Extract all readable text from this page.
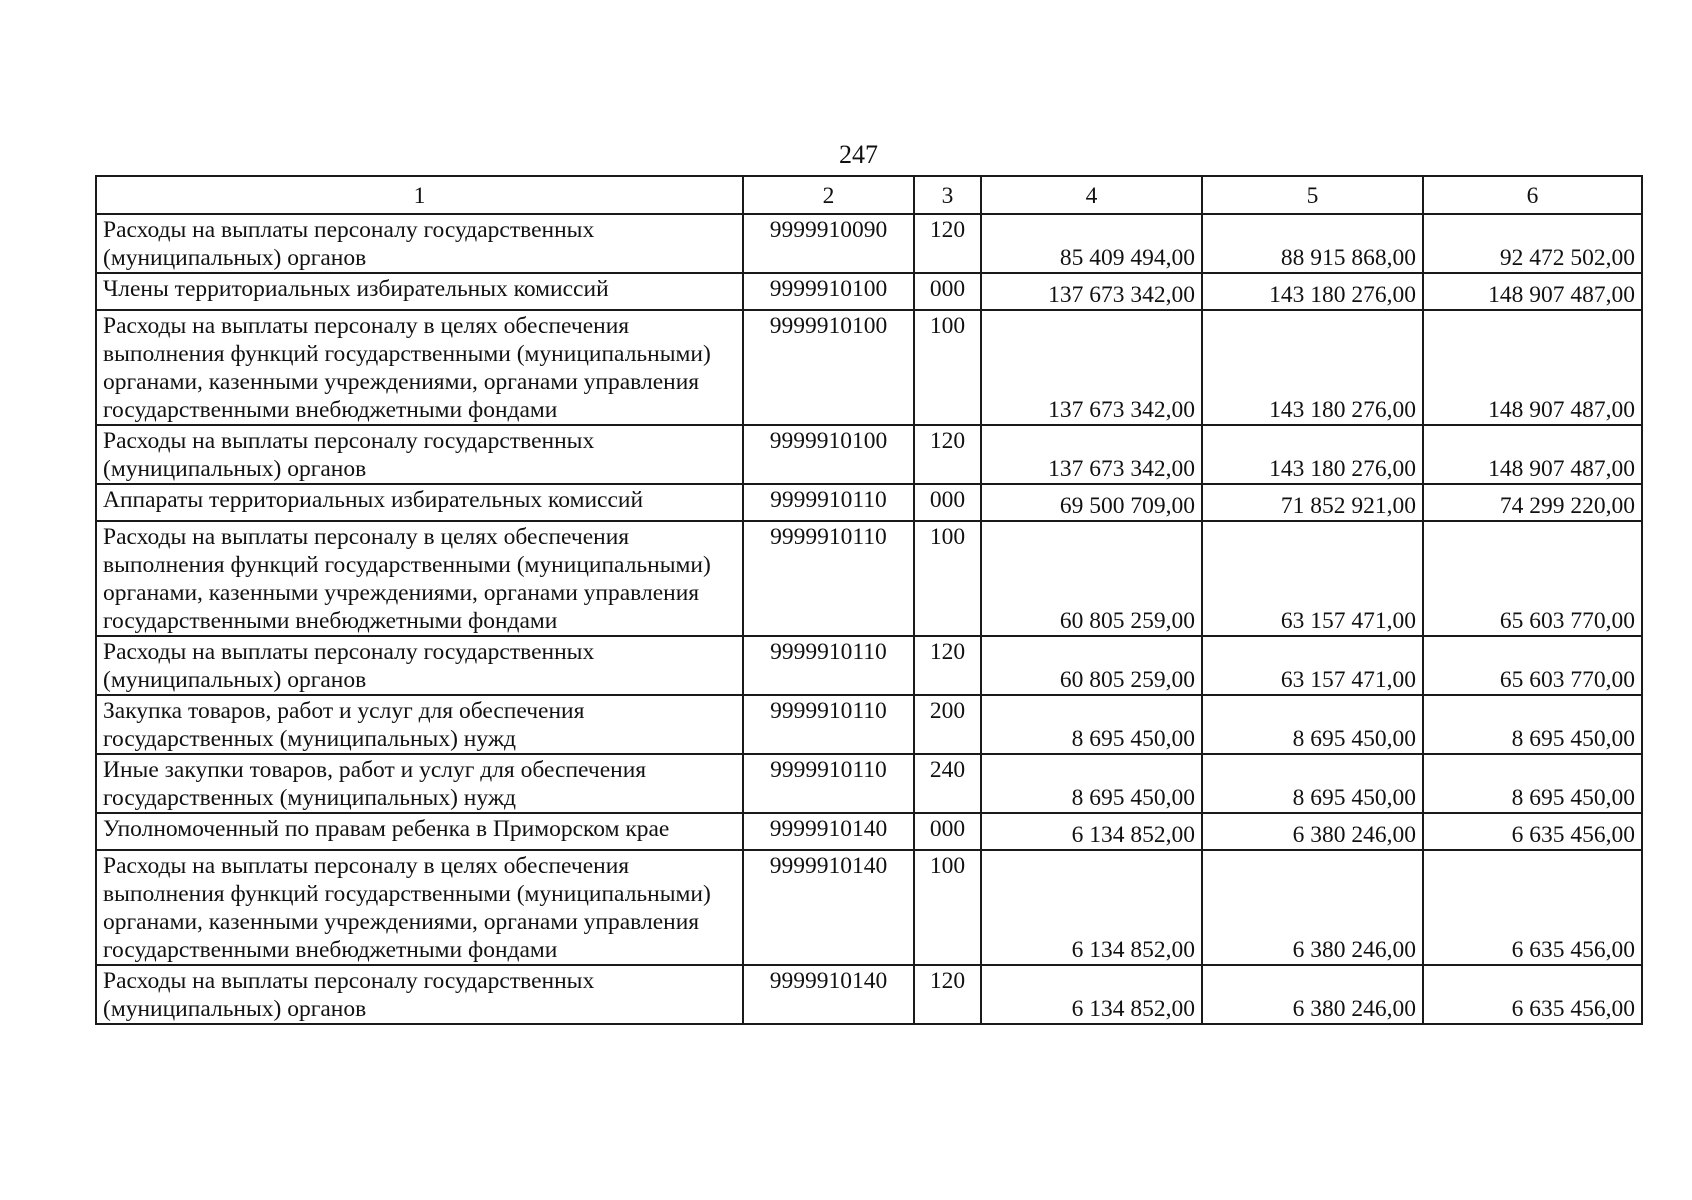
247
1	2	3	4	5	6
Расходы на выплаты персоналу государственных (муниципальных) органов	9999910090	120	85 409 494,00	88 915 868,00	92 472 502,00
Члены территориальных избирательных комиссий	9999910100	000	137 673 342,00	143 180 276,00	148 907 487,00
Расходы на выплаты персоналу в целях обеспечения выполнения функций государственными (муниципальными) органами, казенными учреждениями, органами управления государственными внебюджетными фондами	9999910100	100	137 673 342,00	143 180 276,00	148 907 487,00
Расходы на выплаты персоналу государственных (муниципальных) органов	9999910100	120	137 673 342,00	143 180 276,00	148 907 487,00
Аппараты территориальных избирательных комиссий	9999910110	000	69 500 709,00	71 852 921,00	74 299 220,00
Расходы на выплаты персоналу в целях обеспечения выполнения функций государственными (муниципальными) органами, казенными учреждениями, органами управления государственными внебюджетными фондами	9999910110	100	60 805 259,00	63 157 471,00	65 603 770,00
Расходы на выплаты персоналу государственных (муниципальных) органов	9999910110	120	60 805 259,00	63 157 471,00	65 603 770,00
Закупка товаров, работ и услуг для обеспечения государственных (муниципальных) нужд	9999910110	200	8 695 450,00	8 695 450,00	8 695 450,00
Иные закупки товаров, работ и услуг для обеспечения государственных (муниципальных) нужд	9999910110	240	8 695 450,00	8 695 450,00	8 695 450,00
Уполномоченный по правам ребенка в Приморском крае	9999910140	000	6 134 852,00	6 380 246,00	6 635 456,00
Расходы на выплаты персоналу в целях обеспечения выполнения функций государственными (муниципальными) органами, казенными учреждениями, органами управления государственными внебюджетными фондами	9999910140	100	6 134 852,00	6 380 246,00	6 635 456,00
Расходы на выплаты персоналу государственных (муниципальных) органов	9999910140	120	6 134 852,00	6 380 246,00	6 635 456,00
